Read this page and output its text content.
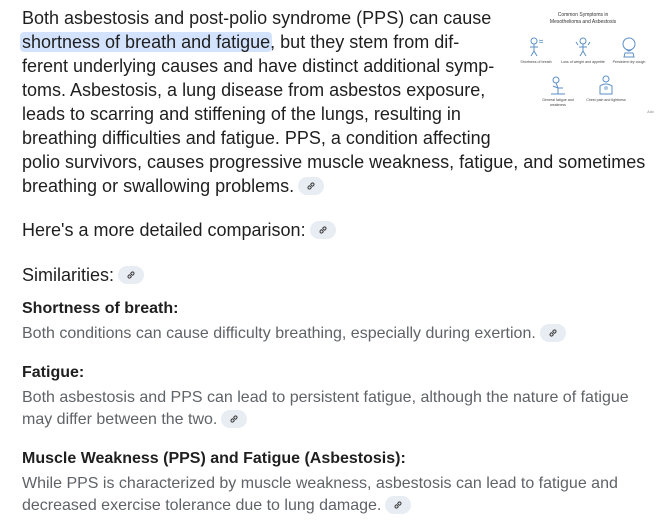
Both asbestosis and post-polio syndrome (PPS) can cause
shortness of breath and fatigue, but they stem from dif-
ferent underlying causes and have distinct additional symp-
toms. Asbestosis, a lung disease from asbestos exposure,
leads to scarring and stiffening of the lungs, resulting in
breathing difficulties and fatigue. PPS, a condition affecting
polio survivors, causes progressive muscle weakness, fatigue, and sometimes
breathing or swallowing problems.
Common Symptoms in
Mesothelioma and Asbestosis
Shortness of breath	Loss of weight and appetite	Persistent dry cough
General fatigue and weakness
Chest pain and tightness
Adv
Here's a more detailed comparison:
Similarities:
Shortness of breath:
Both conditions can cause difficulty breathing, especially during exertion.
Fatigue:
Both asbestosis and PPS can lead to persistent fatigue, although the nature of fatigue
may differ between the two.
Muscle Weakness (PPS) and Fatigue (Asbestosis):
While PPS is characterized by muscle weakness, asbestosis can lead to fatigue and
decreased exercise tolerance due to lung damage.
